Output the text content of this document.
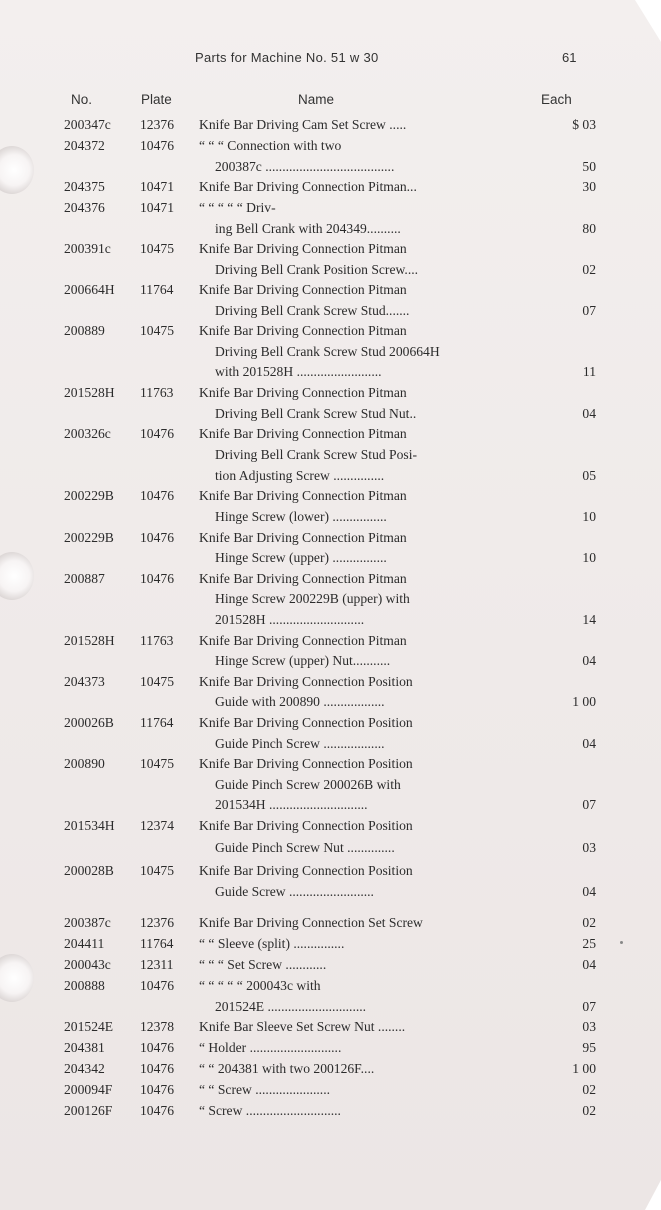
Parts for Machine No. 51 w 30	61
No.	Plate	Name	Each
200347c 12376 Knife Bar Driving Cam Set Screw .....	$ 03
204372	10476 “ “ “ Connection with two
200387c ......................................	50
204375	10471 Knife Bar Driving Connection Pitman...	30
204376	10471 “ “ “ “ “ Driv-
ing Bell Crank with 204349..........	80
200391c 10475 Knife Bar Driving Connection Pitman
Driving Bell Crank Position Screw....	02
200664H 11764 Knife Bar Driving Connection Pitman
Driving Bell Crank Screw Stud.......	07
200889	10475 Knife Bar Driving Connection Pitman
Driving Bell Crank Screw Stud 200664H
with 201528H .........................	11
201528H 11763 Knife Bar Driving Connection Pitman
Driving Bell Crank Screw Stud Nut..	04
200326c 10476 Knife Bar Driving Connection Pitman
Driving Bell Crank Screw Stud Posi-
tion Adjusting Screw ...............	05
200229B 10476 Knife Bar Driving Connection Pitman
Hinge Screw (lower) ................	10
200229B 10476 Knife Bar Driving Connection Pitman
Hinge Screw (upper) ................	10
200887	10476 Knife Bar Driving Connection Pitman
Hinge Screw 200229B (upper) with
201528H ............................	14
201528H 11763 Knife Bar Driving Connection Pitman
Hinge Screw (upper) Nut...........	04
204373	10475 Knife Bar Driving Connection Position
Guide with 200890 ..................	1 00
200026B 11764 Knife Bar Driving Connection Position
Guide Pinch Screw ..................	04
200890	10475 Knife Bar Driving Connection Position
Guide Pinch Screw 200026B with
201534H .............................	07
201534H 12374 Knife Bar Driving Connection Position
Guide Pinch Screw Nut ..............	03
200028B 10475 Knife Bar Driving Connection Position
Guide Screw .........................	04
200387c 12376 Knife Bar Driving Connection Set Screw	02
204411	11764 “ “ Sleeve (split) ...............	25
200043c 12311 “ “ “ Set Screw ............	04
200888	10476 “ “ “ “ “ 200043c with
201524E .............................	07
201524E 12378 Knife Bar Sleeve Set Screw Nut ........	03
204381	10476 “ Holder ...........................	95
204342	10476 “ “ 204381 with two 200126F....	1 00
200094F 10476 “ “ Screw ......................	02
200126F 10476 “ Screw ............................	02
